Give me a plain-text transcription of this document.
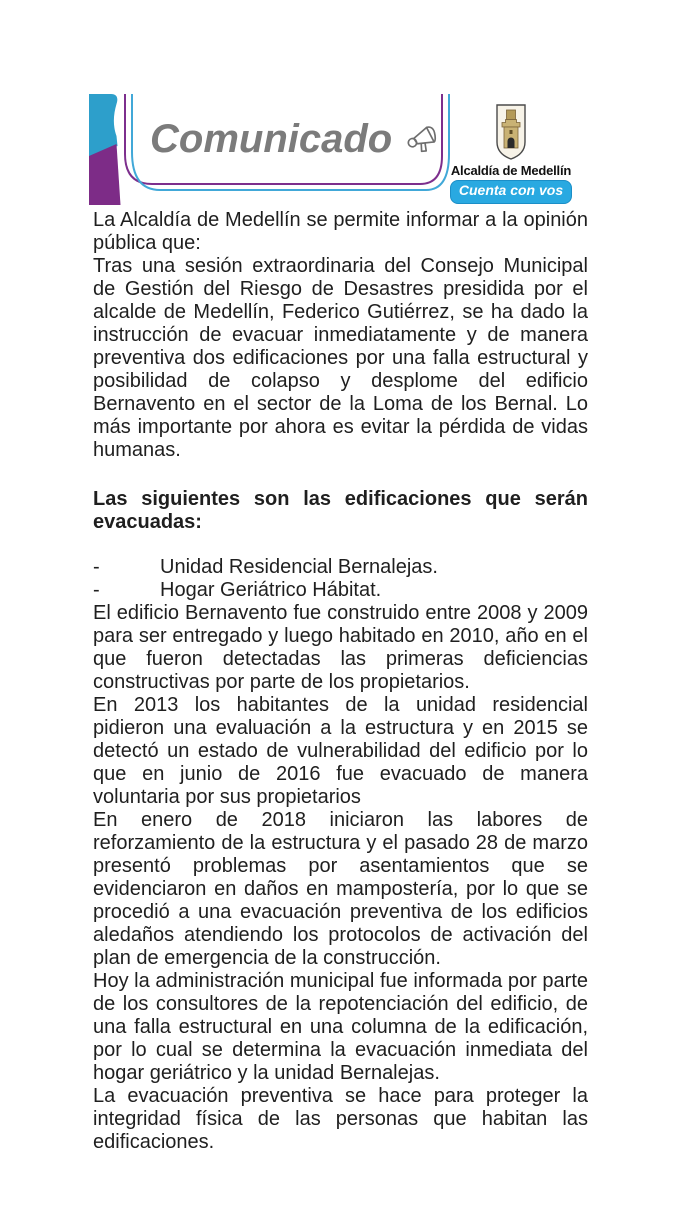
Comunicado
Alcaldía de Medellín
Cuenta con vos

La Alcaldía de Medellín se permite informar a la opinión pública que:

Tras una sesión extraordinaria del Consejo Municipal de Gestión del Riesgo de Desastres presidida por el alcalde de Medellín, Federico Gutiérrez, se ha dado la instrucción de evacuar inmediatamente y de manera preventiva dos edificaciones por una falla estructural y posibilidad de colapso y desplome del edificio Bernavento en el sector de la Loma de los Bernal. Lo más importante por ahora es evitar la pérdida de vidas humanas.

Las siguientes son las edificaciones que serán evacuadas:

-	Unidad Residencial Bernalejas.
-	Hogar Geriátrico Hábitat.

El edificio Bernavento fue construido entre 2008 y 2009 para ser entregado y luego habitado en 2010, año en el que fueron detectadas las primeras deficiencias constructivas por parte de los propietarios.

En 2013 los habitantes de la unidad residencial pidieron una evaluación a la estructura y en 2015 se detectó un estado de vulnerabilidad del edificio por lo que en junio de 2016 fue evacuado de manera voluntaria por sus propietarios

En enero de 2018 iniciaron las labores de reforzamiento de la estructura y el pasado 28 de marzo presentó problemas por asentamientos que se evidenciaron en daños en mampostería, por lo que se procedió a una evacuación preventiva de los edificios aledaños atendiendo los protocolos de activación del plan de emergencia de la construcción.

Hoy la administración municipal fue informada por parte de los consultores de la repotenciación del edificio, de una falla estructural en una columna de la edificación, por lo cual se determina la evacuación inmediata del hogar geriátrico y la unidad Bernalejas.

La evacuación preventiva se hace para proteger la integridad física de las personas que habitan las edificaciones.
